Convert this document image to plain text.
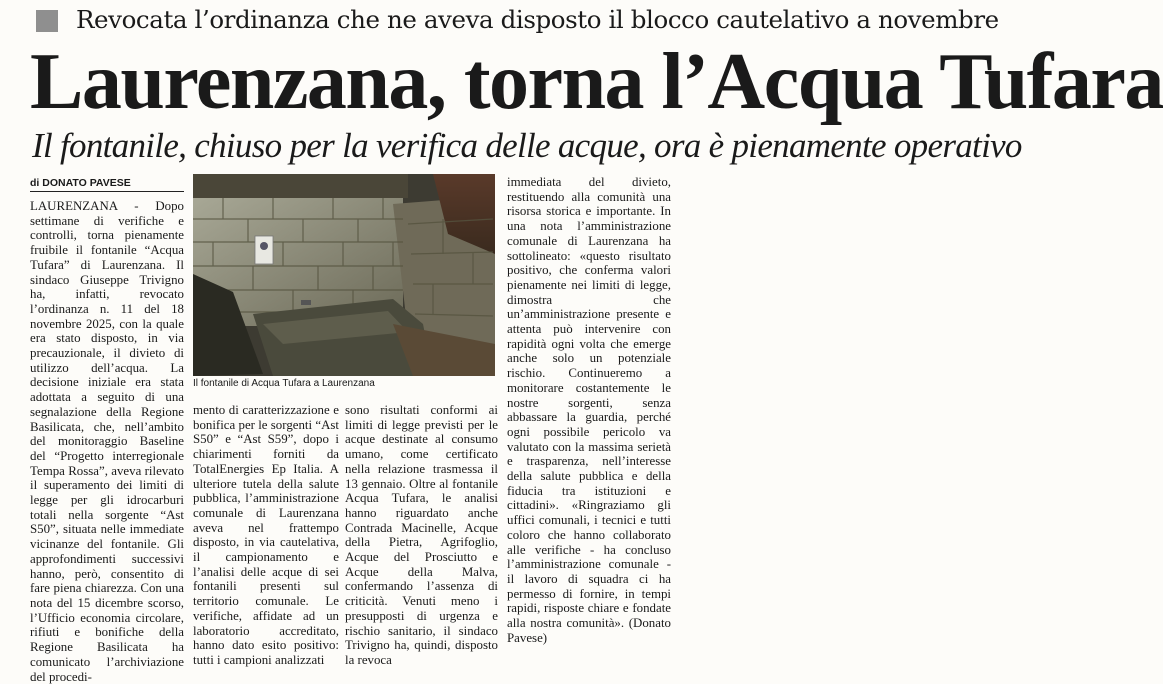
Revocata l’ordinanza che ne aveva disposto il blocco cautelativo a novembre
Laurenzana, torna l’Acqua Tufara
Il fontanile, chiuso per la verifica delle acque, ora è pienamente operativo
di DONATO PAVESE

LAURENZANA - Dopo settimane di verifiche e controlli, torna pienamente fruibile il fontanile “Acqua Tufara” di Laurenzana. Il sindaco Giuseppe Trivigno ha, infatti, revocato l’ordinanza n. 11 del 18 novembre 2025, con la quale era stato disposto, in via precauzionale, il divieto di utilizzo dell’acqua. La decisione iniziale era stata adottata a seguito di una segnalazione della Regione Basilicata, che, nell’ambito del monitoraggio Baseline del “Progetto interregionale Tempa Rossa”, aveva rilevato il superamento dei limiti di legge per gli idrocarburi totali nella sorgente “Ast S50”, situata nelle immediate vicinanze del fontanile. Gli approfondimenti successivi hanno, però, consentito di fare piena chiarezza. Con una nota del 15 dicembre scorso, l’Ufficio economia circolare, rifiuti e bonifiche della Regione Basilicata ha comunicato l’archiviazione del procedi-

Il fontanile di Acqua Tufara a Laurenzana

mento di caratterizzazione e bonifica per le sorgenti “Ast S50” e “Ast S59”, dopo i chiarimenti forniti da TotalEnergies Ep Italia. A ulteriore tutela della salute pubblica, l’amministrazione comunale di Laurenzana aveva nel frattempo disposto, in via cautelativa, il campionamento e l’analisi delle acque di sei fontanili presenti sul territorio comunale. Le verifiche, affidate ad un laboratorio accreditato, hanno dato esito positivo: tutti i campioni analizzati

sono risultati conformi ai limiti di legge previsti per le acque destinate al consumo umano, come certificato nella relazione trasmessa il 13 gennaio. Oltre al fontanile Acqua Tufara, le analisi hanno riguardato anche Contrada Macinelle, Acque della Pietra, Agrifoglio, Acque del Prosciutto e Acque della Malva, confermando l’assenza di criticità. Venuti meno i presupposti di urgenza e rischio sanitario, il sindaco Trivigno ha, quindi, disposto la revoca

immediata del divieto, restituendo alla comunità una risorsa storica e importante. In una nota l’amministrazione comunale di Laurenzana ha sottolineato: «questo risultato positivo, che conferma valori pienamente nei limiti di legge, dimostra che un’amministrazione presente e attenta può intervenire con rapidità ogni volta che emerge anche solo un potenziale rischio. Continueremo a monitorare costantemente le nostre sorgenti, senza abbassare la guardia, perché ogni possibile pericolo va valutato con la massima serietà e trasparenza, nell’interesse della salute pubblica e della fiducia tra istituzioni e cittadini». «Ringraziamo gli uffici comunali, i tecnici e tutti coloro che hanno collaborato alle verifiche - ha concluso l’amministrazione comunale - il lavoro di squadra ci ha permesso di fornire, in tempi rapidi, risposte chiare e fondate alla nostra comunità». (Donato Pavese)
